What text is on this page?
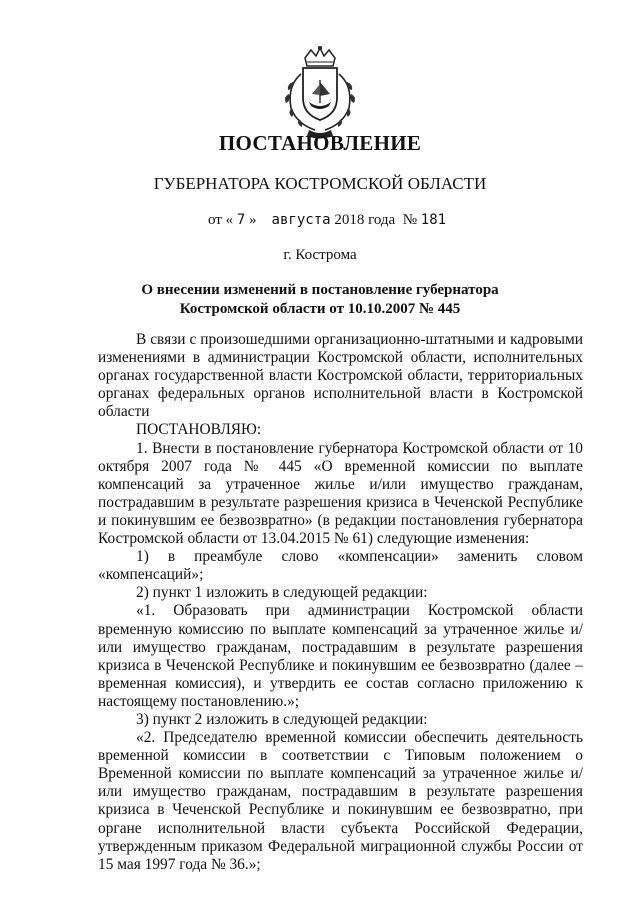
ПОСТАНОВЛЕНИЕ
ГУБЕРНАТОРА КОСТРОМСКОЙ ОБЛАСТИ
от « 7 » августа 2018 года № 181
г. Кострома
О внесении изменений в постановление губернатора
Костромской области от 10.10.2007 № 445

В связи с произошедшими организационно-штатными и кадровыми изменениями в администрации Костромской области, исполнительных органах государственной власти Костромской области, территориальных органах федеральных органов исполнительной власти в Костромской области

ПОСТАНОВЛЯЮ:

1. Внести в постановление губернатора Костромской области от 10 октября 2007 года № 445 «О временной комиссии по выплате компенсаций за утраченное жилье и/или имущество гражданам, пострадавшим в результате разрешения кризиса в Чеченской Республике и покинувшим ее безвозвратно» (в редакции постановления губернатора Костромской области от 13.04.2015 № 61) следующие изменения:

1) в преамбуле слово «компенсации» заменить словом

«компенсаций»;

2) пункт 1 изложить в следующей редакции:

«1. Образовать при администрации Костромской области временную комиссию по выплате компенсаций за утраченное жилье и/или имущество гражданам, пострадавшим в результате разрешения кризиса в Чеченской Республике и покинувшим ее безвозвратно (далее – временная комиссия), и утвердить ее состав согласно приложению к настоящему постановлению.»;

3) пункт 2 изложить в следующей редакции:

«2. Председателю временной комиссии обеспечить деятельность временной комиссии в соответствии с Типовым положением о Временной комиссии по выплате компенсаций за утраченное жилье и/или имущество гражданам, пострадавшим в результате разрешения кризиса в Чеченской Республике и покинувшим ее безвозвратно, при органе исполнительной власти субъекта Российской Федерации, утвержденным приказом Федеральной миграционной службы России от 15 мая 1997 года № 36.»;
